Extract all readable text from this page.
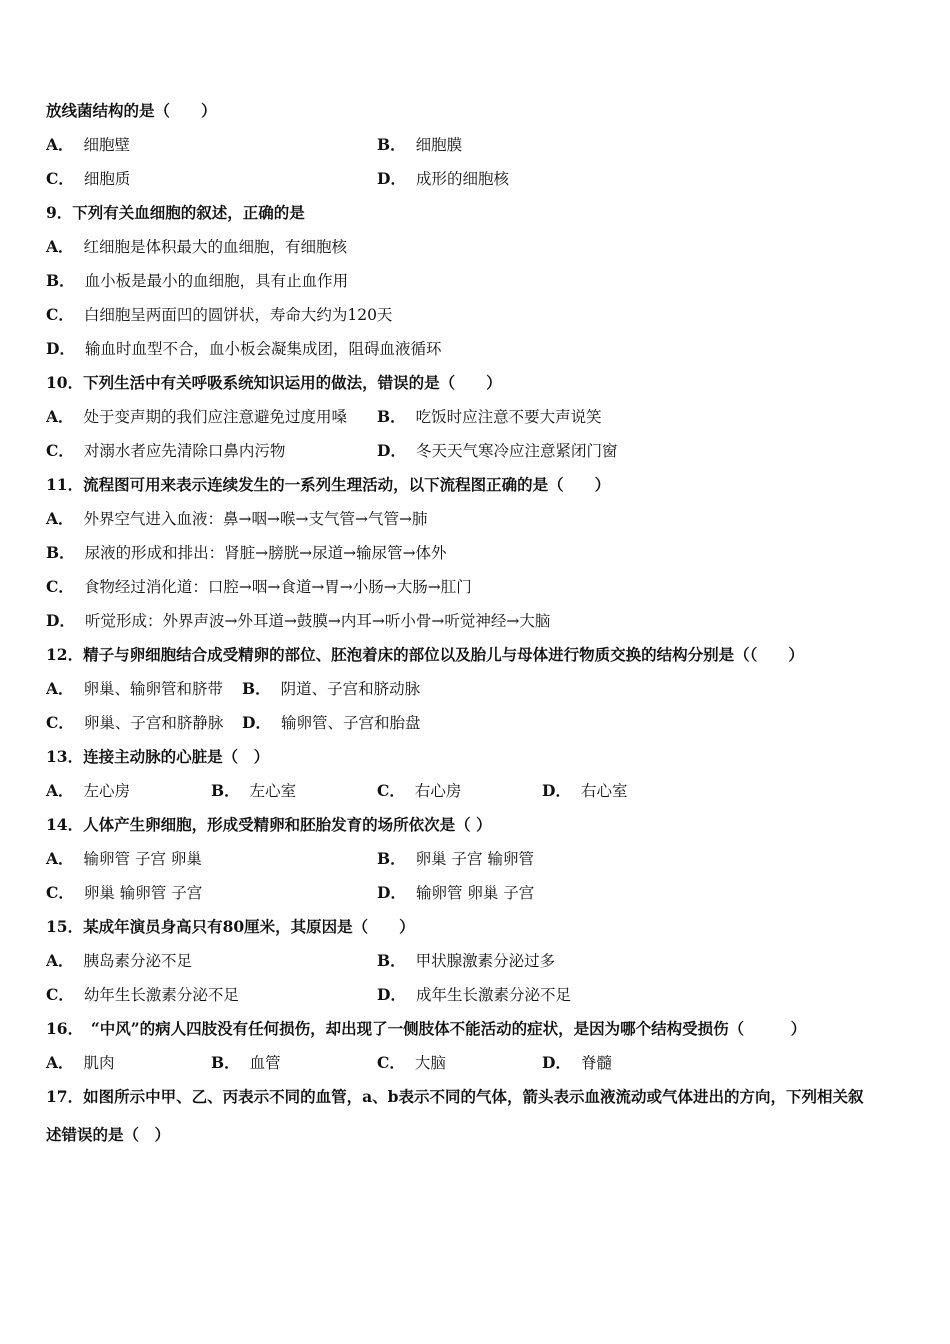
放线菌结构的是（　　）
A． 细胞壁	B． 细胞膜
C． 细胞质	D． 成形的细胞核
9．下列有关血细胞的叙述，正确的是
A． 红细胞是体积最大的血细胞，有细胞核
B． 血小板是最小的血细胞，具有止血作用
C． 白细胞呈两面凹的圆饼状，寿命大约为120天
D． 输血时血型不合，血小板会凝集成团，阻碍血液循环
10．下列生活中有关呼吸系统知识运用的做法，错误的是（　　）
A． 处于变声期的我们应注意避免过度用嗓 B． 吃饭时应注意不要大声说笑
C． 对溺水者应先清除口鼻内污物	D． 冬天天气寒冷应注意紧闭门窗
11．流程图可用来表示连续发生的一系列生理活动，以下流程图正确的是（　　）
A． 外界空气进入血液：鼻→咽→喉→支气管→气管→肺
B． 尿液的形成和排出：肾脏→膀胱→尿道→输尿管→体外
C． 食物经过消化道：口腔→咽→食道→胃→小肠→大肠→肛门
D． 听觉形成：外界声波→外耳道→鼓膜→内耳→听小骨→听觉神经→大脑
12．精子与卵细胞结合成受精卵的部位、胚泡着床的部位以及胎儿与母体进行物质交换的结构分别是（（　　）
A． 卵巢、输卵管和脐带 B． 阴道、子宫和脐动脉
C． 卵巢、子宫和脐静脉 D． 输卵管、子宫和胎盘
13．连接主动脉的心脏是（　）
A． 左心房	B． 左心室	C． 右心房	D． 右心室
14．人体产生卵细胞，形成受精卵和胚胎发育的场所依次是（ ）
A． 输卵管 子宫 卵巢	B． 卵巢 子宫 输卵管
C． 卵巢 输卵管 子宫	D． 输卵管 卵巢 子宫
15．某成年演员身高只有80厘米，其原因是（　　）
A． 胰岛素分泌不足	B． 甲状腺激素分泌过多
C． 幼年生长激素分泌不足	D． 成年生长激素分泌不足
16．　“中风”的病人四肢没有任何损伤，却出现了一侧肢体不能活动的症状，是因为哪个结构受损伤（　　　）
A． 肌肉	B． 血管	C． 大脑	D． 脊髓
17．如图所示中甲、乙、丙表示不同的血管，a、b表示不同的气体，箭头表示血液流动或气体进出的方向，下列相关叙
述错误的是（　）
